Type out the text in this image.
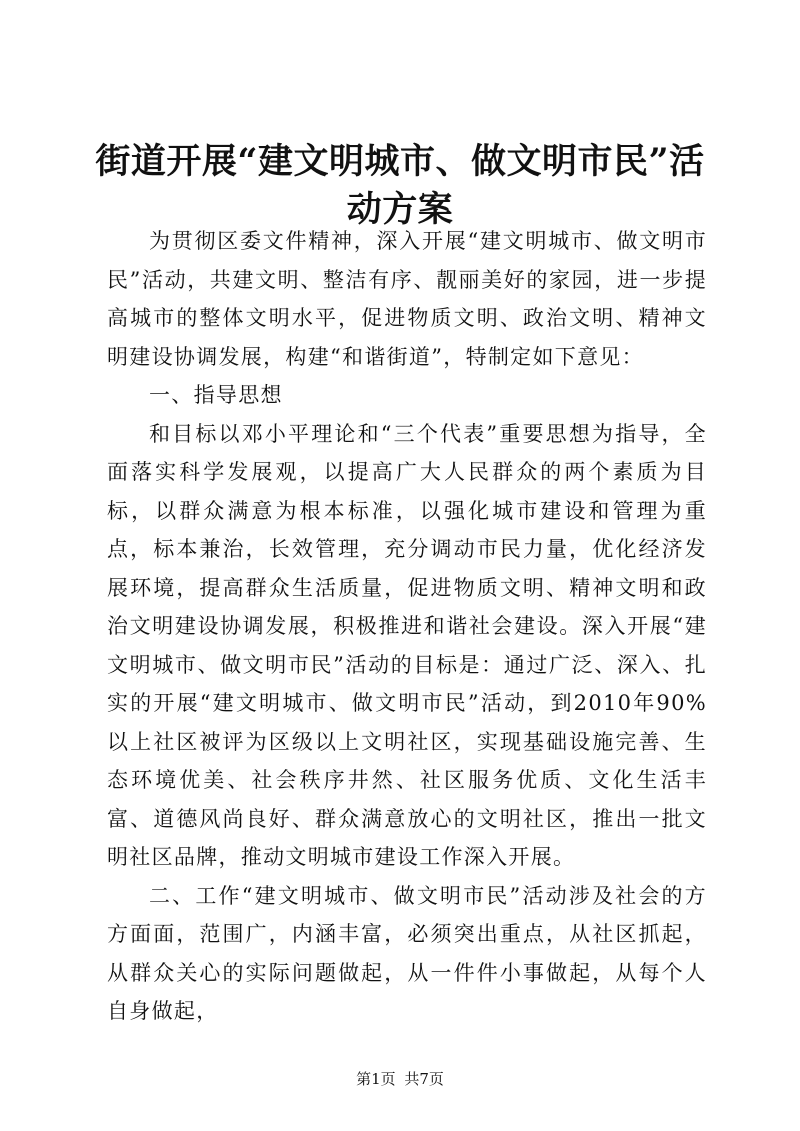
街道开展“建文明城市、做文明市民”活动方案

为贯彻区委文件精神，深入开展“建文明城市、做文明市民”活动，共建文明、整洁有序、靓丽美好的家园，进一步提高城市的整体文明水平，促进物质文明、政治文明、精神文明建设协调发展，构建“和谐街道”，特制定如下意见：

一、指导思想

和目标以邓小平理论和“三个代表”重要思想为指导，全面落实科学发展观，以提高广大人民群众的两个素质为目标，以群众满意为根本标准，以强化城市建设和管理为重点，标本兼治，长效管理，充分调动市民力量，优化经济发展环境，提高群众生活质量，促进物质文明、精神文明和政治文明建设协调发展，积极推进和谐社会建设。深入开展“建文明城市、做文明市民”活动的目标是：通过广泛、深入、扎实的开展“建文明城市、做文明市民”活动，到2010年90%以上社区被评为区级以上文明社区，实现基础设施完善、生态环境优美、社会秩序井然、社区服务优质、文化生活丰富、道德风尚良好、群众满意放心的文明社区，推出一批文明社区品牌，推动文明城市建设工作深入开展。

二、工作“建文明城市、做文明市民”活动涉及社会的方方面面，范围广，内涵丰富，必须突出重点，从社区抓起，从群众关心的实际问题做起，从一件件小事做起，从每个人自身做起，

第1页 共7页
